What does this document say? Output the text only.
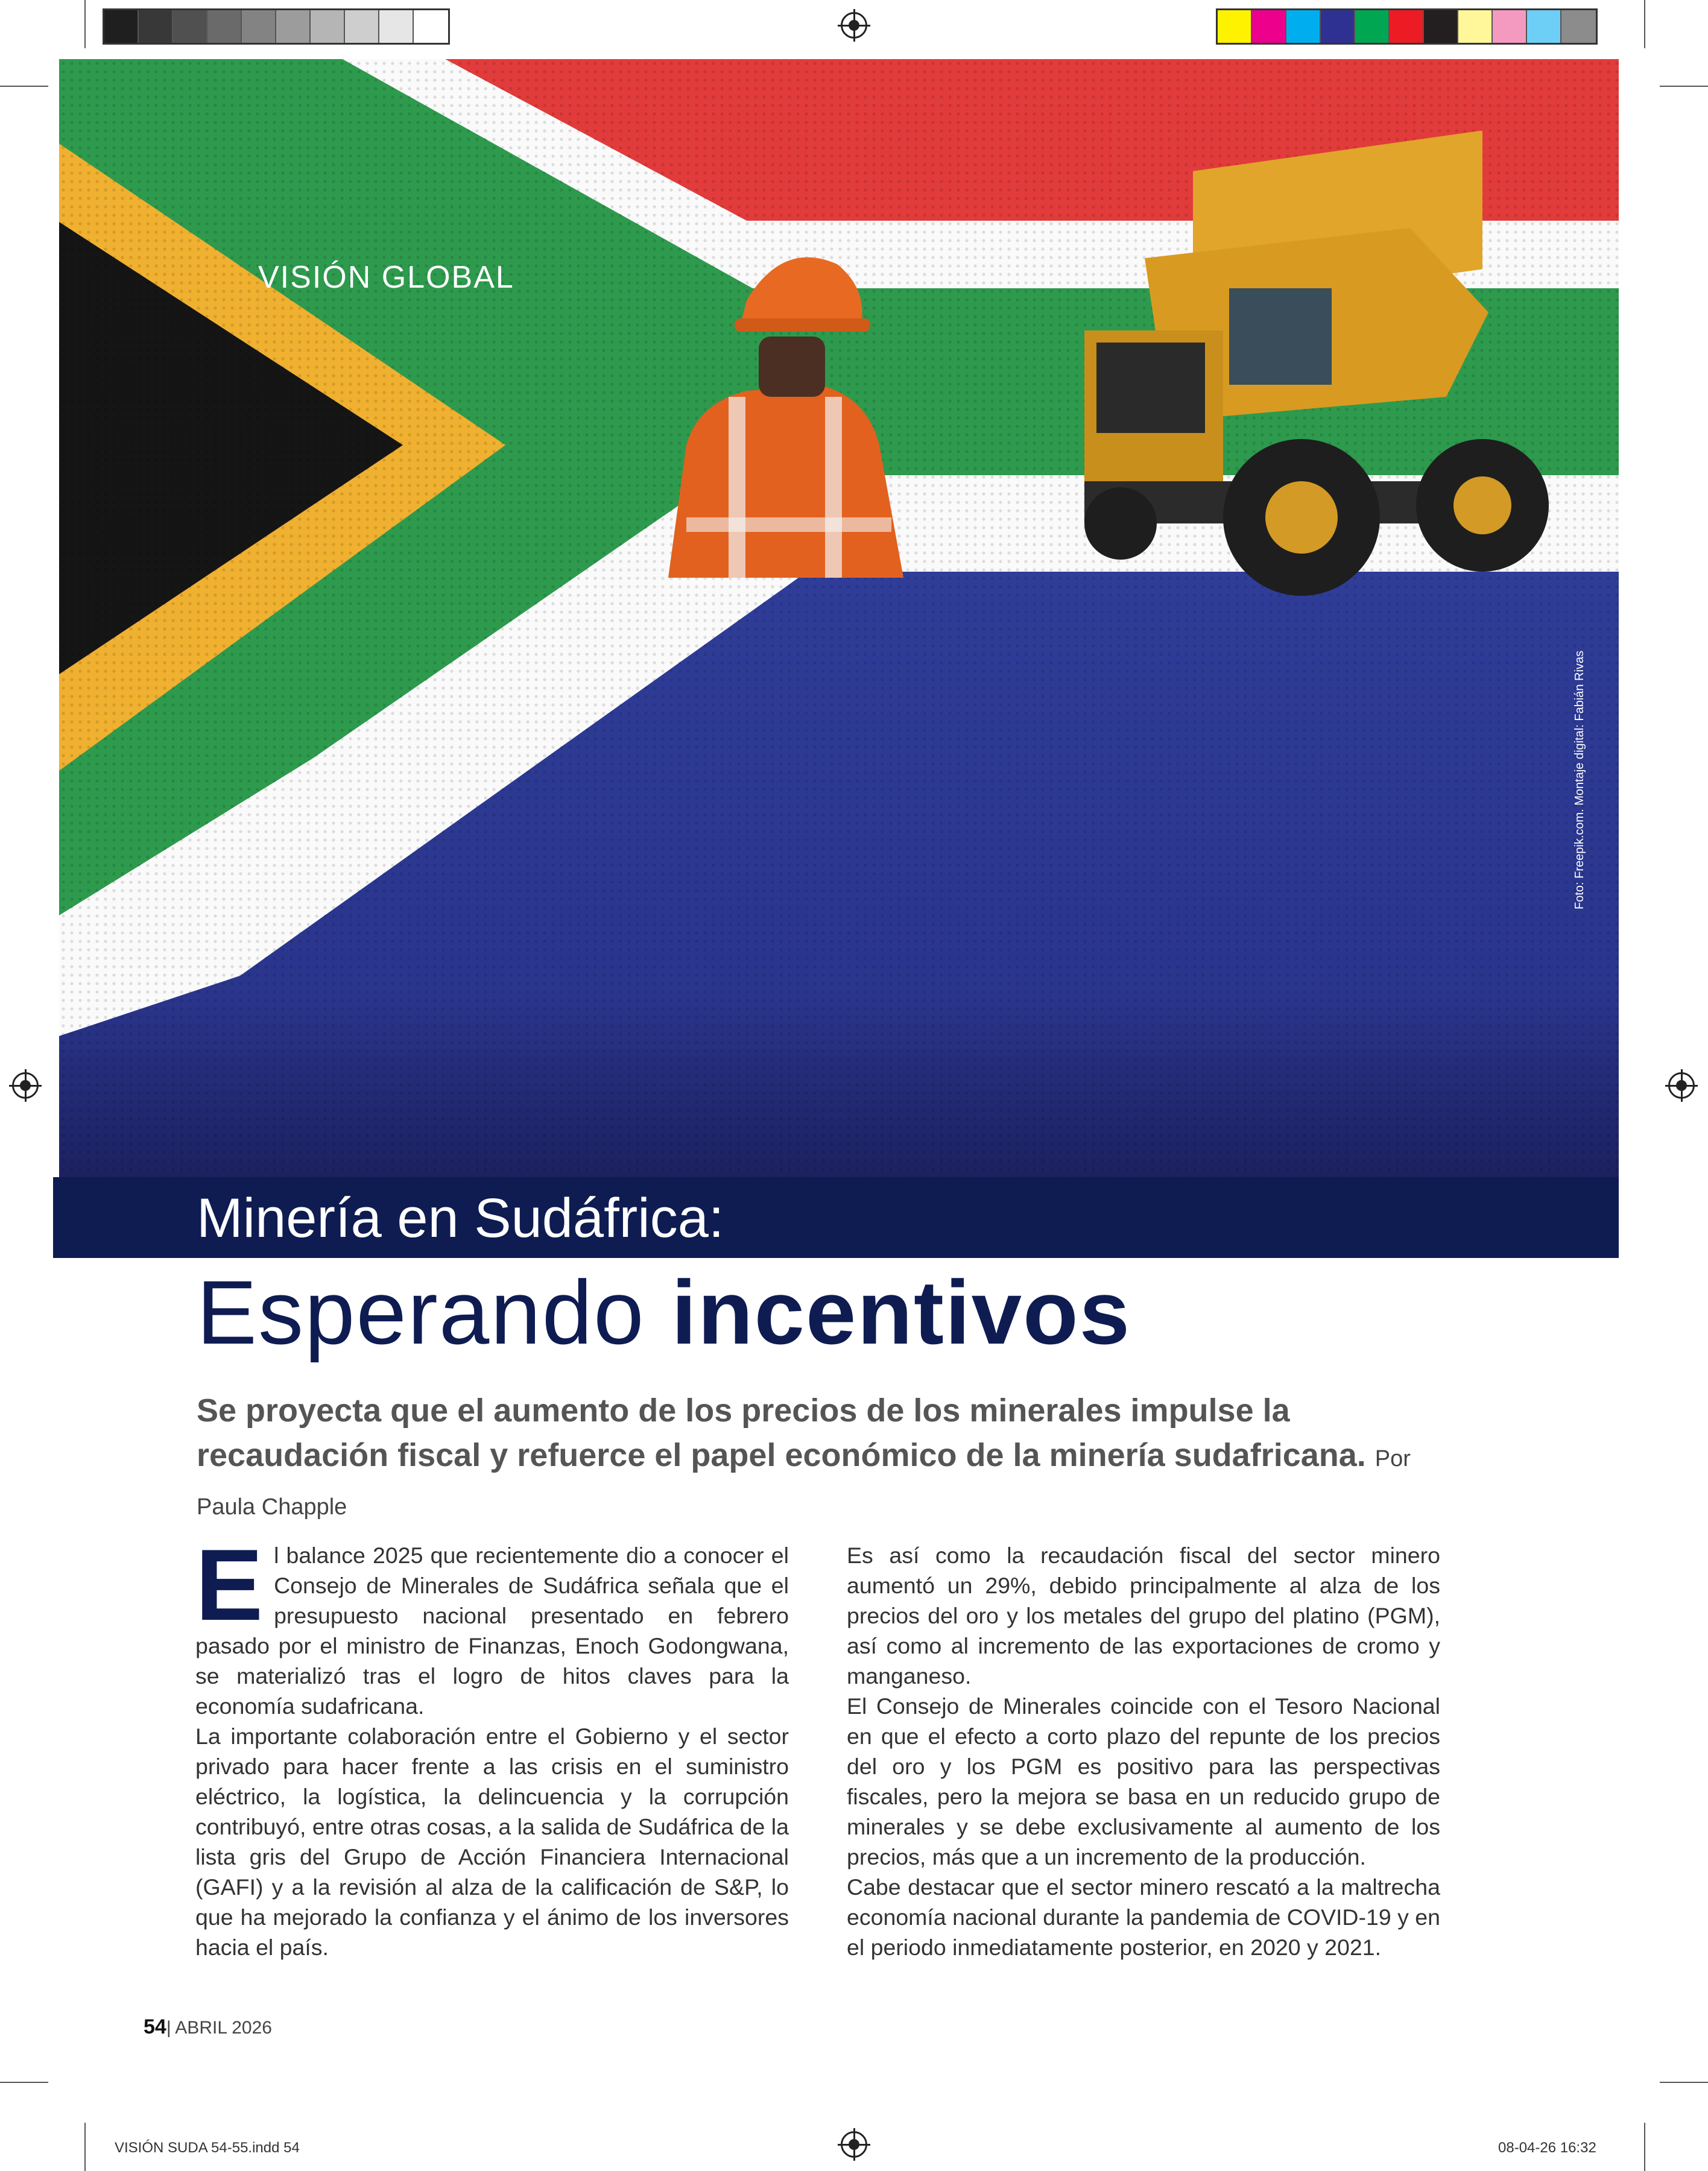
VISIÓN GLOBAL
Foto: Freepik.com. Montaje digital: Fabián Rivas
Minería en Sudáfrica:
Esperando incentivos
Se proyecta que el aumento de los precios de los minerales impulse la recaudación fiscal y refuerce el papel económico de la minería sudafricana. Por Paula Chapple

El balance 2025 que recientemente dio a conocer el Consejo de Minerales de Sudáfrica señala que el presupuesto nacional presentado en febrero pasado por el ministro de Finanzas, Enoch Godongwana, se materializó tras el logro de hitos claves para la economía sudafricana.

La importante colaboración entre el Gobierno y el sector privado para hacer frente a las crisis en el suministro eléctrico, la logística, la delincuencia y la corrupción contribuyó, entre otras cosas, a la salida de Sudáfrica de la lista gris del Grupo de Acción Financiera Internacional (GAFI) y a la revisión al alza de la calificación de S&P, lo que ha mejorado la confianza y el ánimo de los inversores hacia el país.

Es así como la recaudación fiscal del sector minero aumentó un 29%, debido principalmente al alza de los precios del oro y los metales del grupo del platino (PGM), así como al incremento de las exportaciones de cromo y manganeso.

El Consejo de Minerales coincide con el Tesoro Nacional en que el efecto a corto plazo del repunte de los precios del oro y los PGM es positivo para las perspectivas fiscales, pero la mejora se basa en un reducido grupo de minerales y se debe exclusivamente al aumento de los precios, más que a un incremento de la producción.

Cabe destacar que el sector minero rescató a la maltrecha economía nacional durante la pandemia de COVID-19 y en el periodo inmediatamente posterior, en 2020 y 2021.

54| ABRIL 2026
VISIÓN SUDA 54-55.indd 54	08-04-26 16:32
